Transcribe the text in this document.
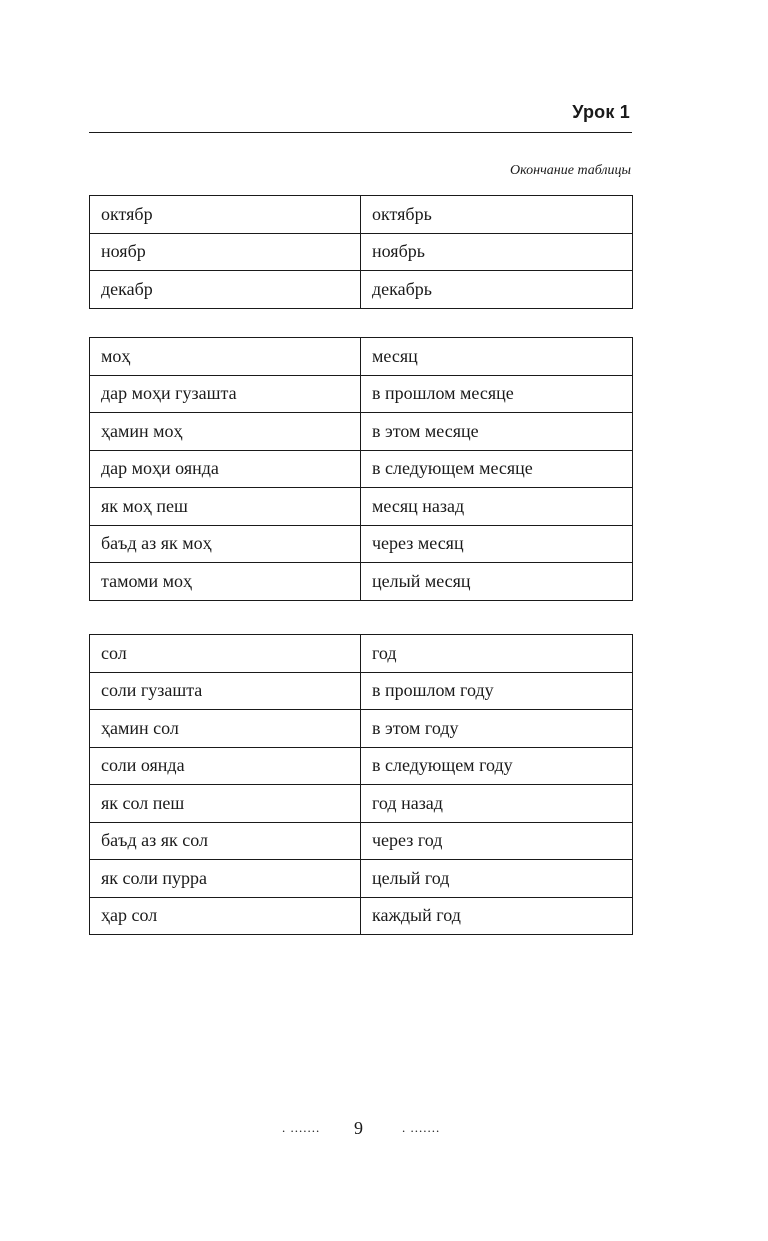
Урок 1
Окончание таблицы
октябр	октябрь
ноябр	ноябрь
декабр	декабрь
моҳ	месяц
дар моҳи гузашта	в прошлом месяце
ҳамин моҳ	в этом месяце
дар моҳи оянда	в следующем месяце
як моҳ пеш	месяц назад
баъд аз як моҳ	через месяц
тамоми моҳ	целый месяц
сол	год
соли гузашта	в прошлом году
ҳамин сол	в этом году
соли оянда	в следующем году
як сол пеш	год назад
баъд аз як сол	через год
як соли пурра	целый год
ҳар сол	каждый год
. ....... 9	. .......
